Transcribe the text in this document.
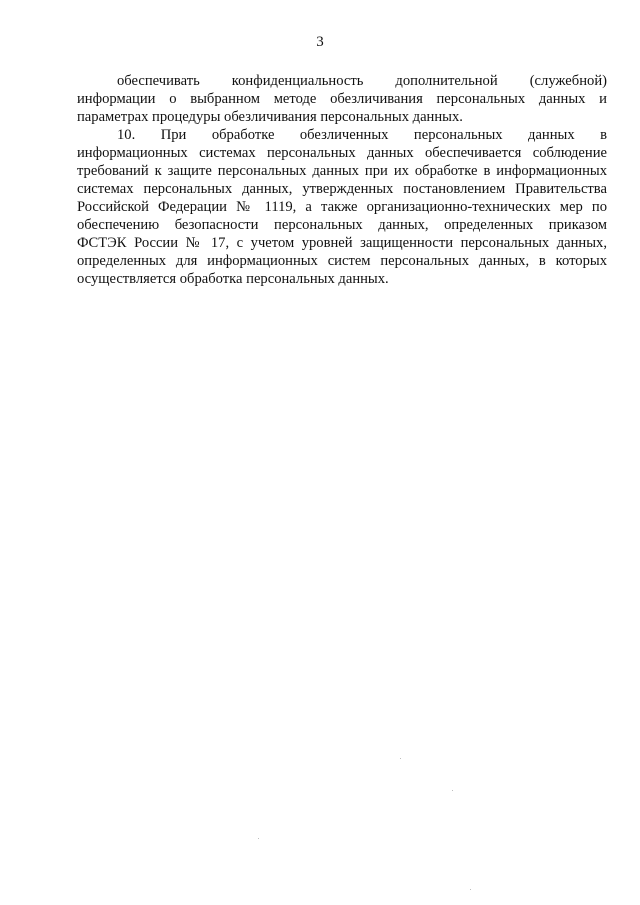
3
обеспечивать конфиденциальность дополнительной (служебной)
информации о выбранном методе обезличивания персональных данных и
параметрах процедуры обезличивания персональных данных.
10. При обработке обезличенных персональных данных в
информационных системах персональных данных обеспечивается соблюдение
требований к защите персональных данных при их обработке в информационных
системах персональных данных, утвержденных постановлением Правительства
Российской Федерации № 1119, а также организационно-технических мер по
обеспечению безопасности персональных данных, определенных приказом
ФСТЭК России № 17, с учетом уровней защищенности персональных данных,
определенных для информационных систем персональных данных, в которых
осуществляется обработка персональных данных.
